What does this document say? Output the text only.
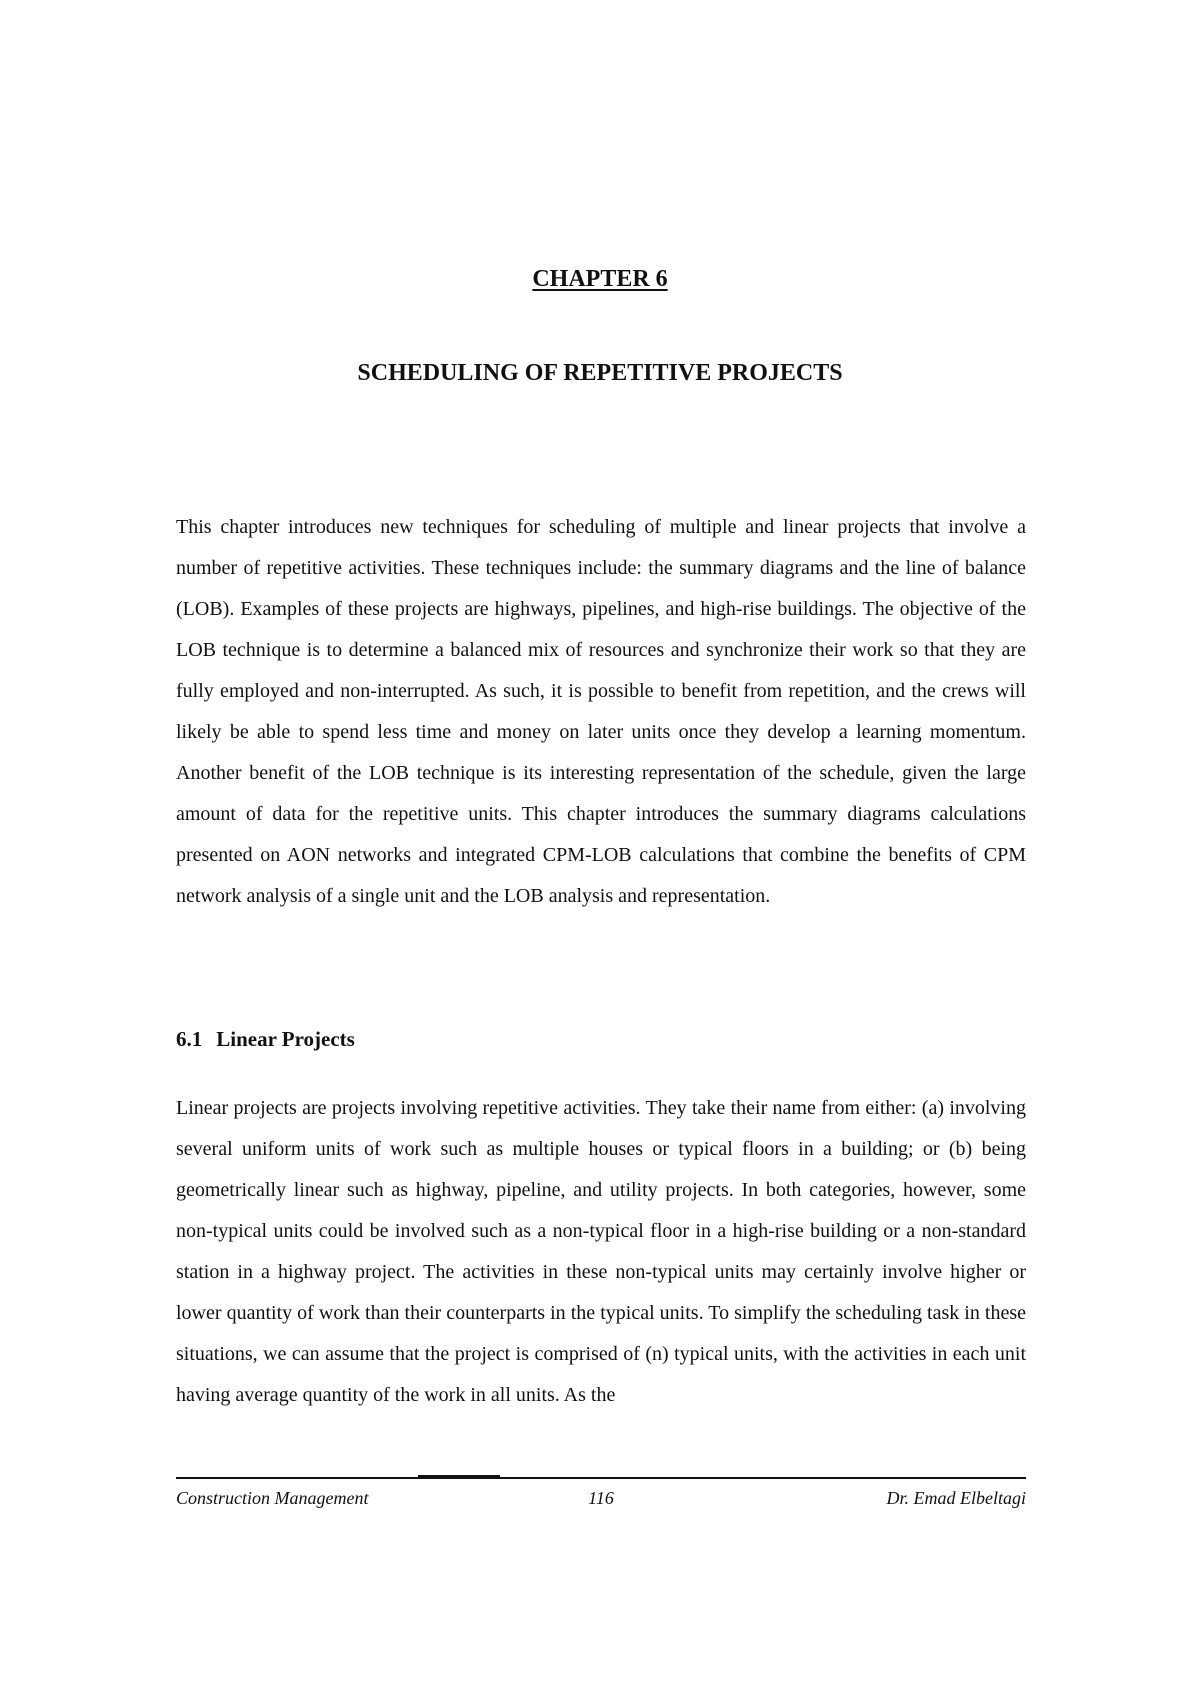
CHAPTER 6
SCHEDULING OF REPETITIVE PROJECTS

This chapter introduces new techniques for scheduling of multiple and linear projects that involve a number of repetitive activities. These techniques include: the summary diagrams and the line of balance (LOB). Examples of these projects are highways, pipelines, and high-rise buildings. The objective of the LOB technique is to determine a balanced mix of resources and synchronize their work so that they are fully employed and non-interrupted. As such, it is possible to benefit from repetition, and the crews will likely be able to spend less time and money on later units once they develop a learning momentum. Another benefit of the LOB technique is its interesting representation of the schedule, given the large amount of data for the repetitive units. This chapter introduces the summary diagrams calculations presented on AON networks and integrated CPM-LOB calculations that combine the benefits of CPM network analysis of a single unit and the LOB analysis and representation.

6.1 Linear Projects

Linear projects are projects involving repetitive activities. They take their name from either: (a) involving several uniform units of work such as multiple houses or typical floors in a building; or (b) being geometrically linear such as highway, pipeline, and utility projects. In both categories, however, some non-typical units could be involved such as a non-typical floor in a high-rise building or a non-standard station in a highway project. The activities in these non-typical units may certainly involve higher or lower quantity of work than their counterparts in the typical units. To simplify the scheduling task in these situations, we can assume that the project is comprised of (n) typical units, with the activities in each unit having average quantity of the work in all units. As the

Construction Management	116	Dr. Emad Elbeltagi
